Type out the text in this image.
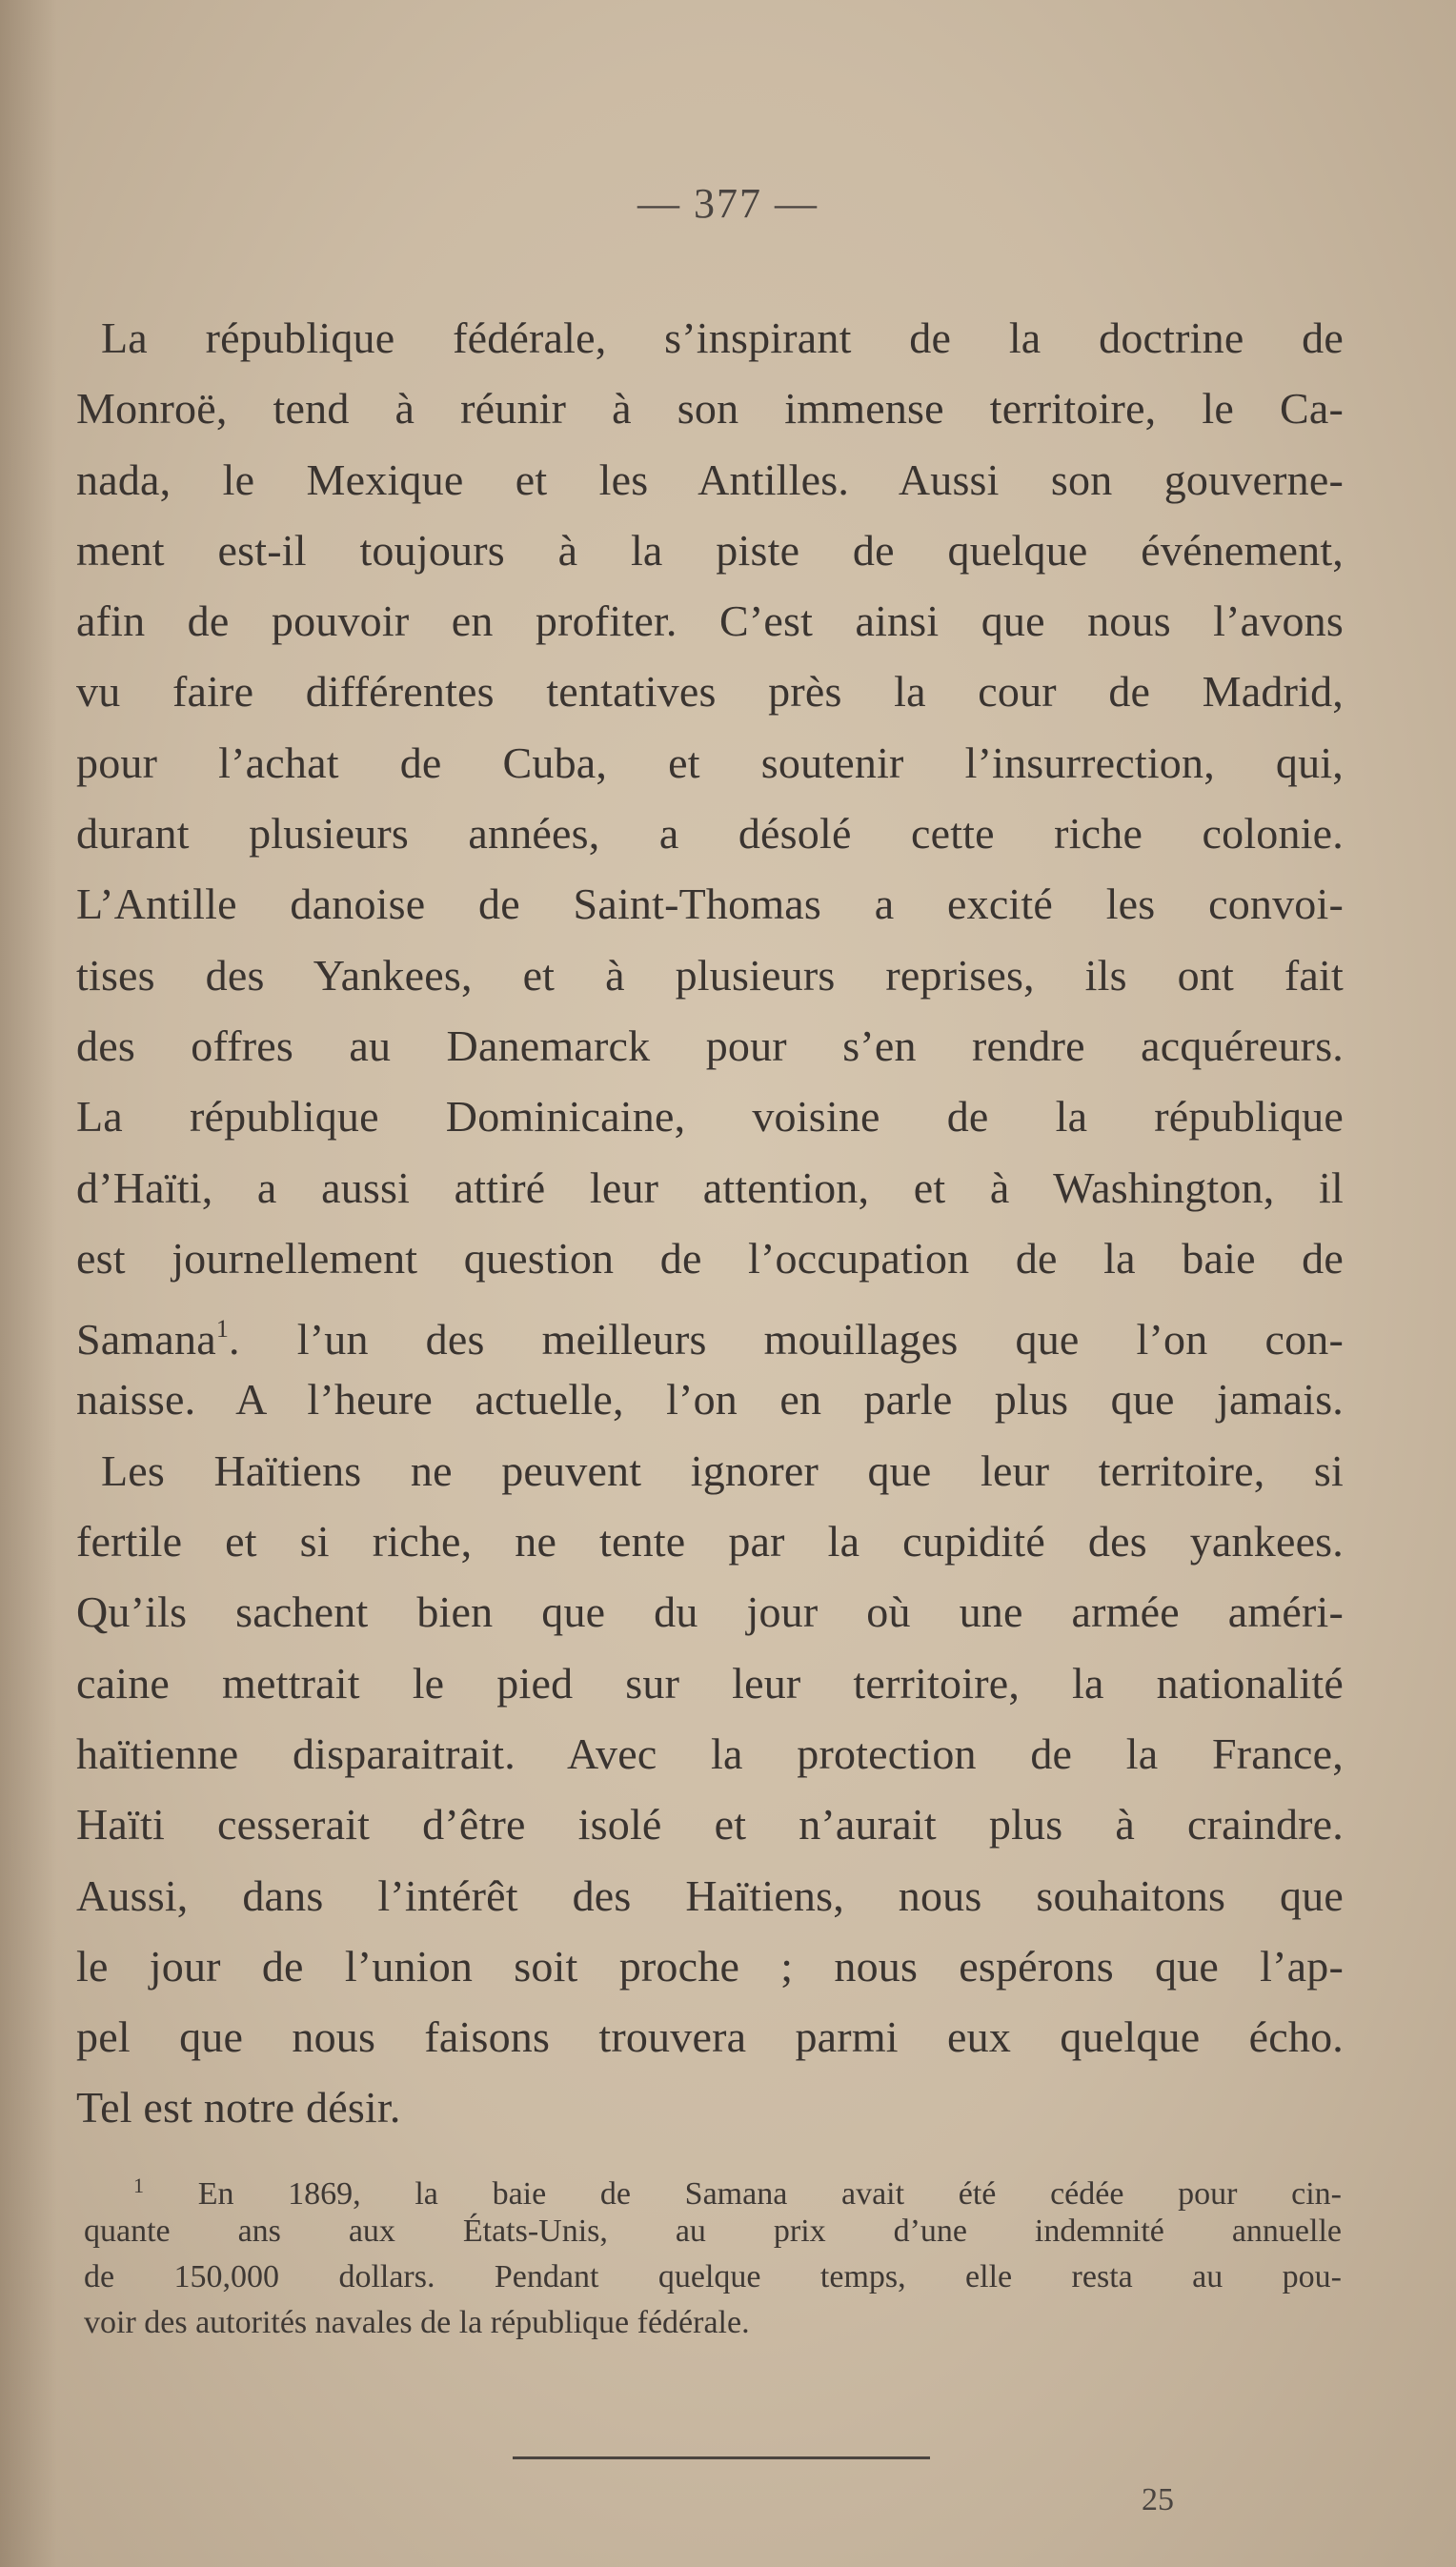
— 377 —
La république fédérale, s’inspirant de la doctrine de
Monroë, tend à réunir à son immense territoire, le Ca-
nada, le Mexique et les Antilles. Aussi son gouverne-
ment est-il toujours à la piste de quelque événement,
afin de pouvoir en profiter. C’est ainsi que nous l’avons
vu faire différentes tentatives près la cour de Madrid,
pour l’achat de Cuba, et soutenir l’insurrection, qui,
durant plusieurs années, a désolé cette riche colonie.
L’Antille danoise de Saint-Thomas a excité les convoi-
tises des Yankees, et à plusieurs reprises, ils ont fait
des offres au Danemarck pour s’en rendre acquéreurs.
La république Dominicaine, voisine de la république
d’Haïti, a aussi attiré leur attention, et à Washington, il
est journellement question de l’occupation de la baie de
Samana$^1$. l’un des meilleurs mouillages que l’on con-
naisse. A l’heure actuelle, l’on en parle plus que jamais.
Les Haïtiens ne peuvent ignorer que leur territoire, si
fertile et si riche, ne tente par la cupidité des yankees.
Qu’ils sachent bien que du jour où une armée améri-
caine mettrait le pied sur leur territoire, la nationalité
haïtienne disparaitrait. Avec la protection de la France,
Haïti cesserait d’être isolé et n’aurait plus à craindre.
Aussi, dans l’intérêt des Haïtiens, nous souhaitons que
le jour de l’union soit proche ; nous espérons que l’ap-
pel que nous faisons trouvera parmi eux quelque écho.
Tel est notre désir.
$^1$ En 1869, la baie de Samana avait été cédée pour cin-
quante ans aux États-Unis, au prix d’une indemnité annuelle
de 150,000 dollars. Pendant quelque temps, elle resta au pou-
voir des autorités navales de la république fédérale.
25
